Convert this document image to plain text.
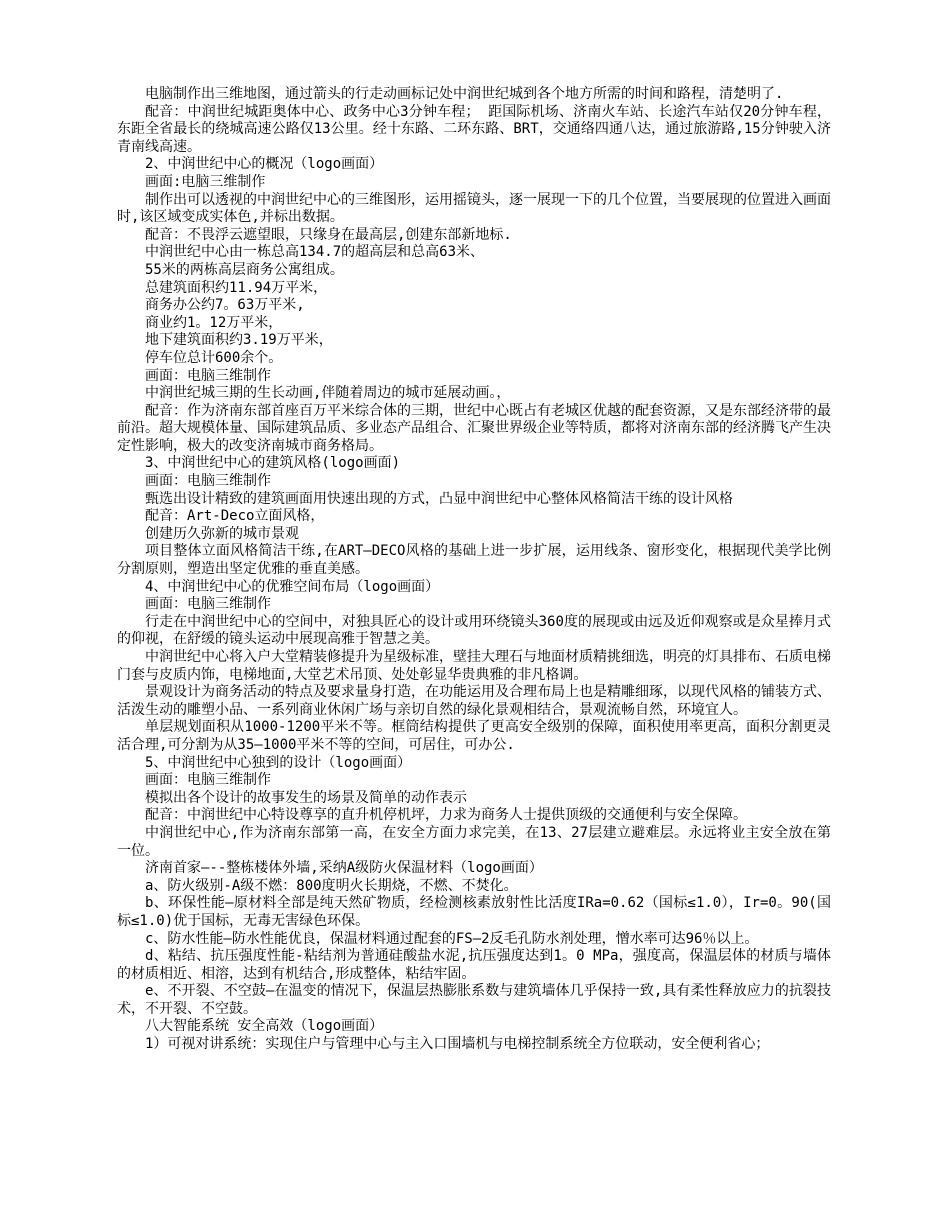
电脑制作出三维地图，通过箭头的行走动画标记处中润世纪城到各个地方所需的时间和路程，清楚明了.
配音：中润世纪城距奥体中心、政务中心3分钟车程； 距国际机场、济南火车站、长途汽车站仅20分钟车程，东距全省最长的绕城高速公路仅13公里。经十东路、二环东路、BRT，交通络四通八达，通过旅游路,15分钟驶入济青南线高速。
2、中润世纪中心的概况（logo画面）
画面:电脑三维制作
制作出可以透视的中润世纪中心的三维图形，运用摇镜头，逐一展现一下的几个位置，当要展现的位置进入画面时,该区域变成实体色,并标出数据。
配音：不畏浮云遮望眼，只缘身在最高层,创建东部新地标.
中润世纪中心由一栋总高134.7的超高层和总高63米、
55米的两栋高层商务公寓组成。
总建筑面积约11.94万平米，
商务办公约7。63万平米,
商业约1。12万平米，
地下建筑面积约3.19万平米，
停车位总计600余个。
画面：电脑三维制作
中润世纪城三期的生长动画,伴随着周边的城市延展动画。，
配音：作为济南东部首座百万平米综合体的三期，世纪中心既占有老城区优越的配套资源，又是东部经济带的最前沿。超大规模体量、国际建筑品质、多业态产品组合、汇聚世界级企业等特质，都将对济南东部的经济腾飞产生决定性影响，极大的改变济南城市商务格局。
3、中润世纪中心的建筑风格(logo画面)
画面：电脑三维制作
甄选出设计精致的建筑画面用快速出现的方式，凸显中润世纪中心整体风格简洁干练的设计风格
配音：Art-Deco立面风格，
创建历久弥新的城市景观
项目整体立面风格简洁干练,在ART—DECO风格的基础上进一步扩展，运用线条、窗形变化，根据现代美学比例分割原则，塑造出坚定优雅的垂直美感。
4、中润世纪中心的优雅空间布局（logo画面）
画面：电脑三维制作
行走在中润世纪中心的空间中，对独具匠心的设计或用环绕镜头360度的展现或由远及近仰观察或是众星捧月式的仰视，在舒缓的镜头运动中展现高雅于智慧之美。
中润世纪中心将入户大堂精装修提升为星级标准，壁挂大理石与地面材质精挑细选，明亮的灯具排布、石质电梯门套与皮质内饰，电梯地面,大堂艺术吊顶、处处彰显华贵典雅的非凡格调。
景观设计为商务活动的特点及要求量身打造，在功能运用及合理布局上也是精雕细琢，以现代风格的铺装方式、活泼生动的雕塑小品、一系列商业休闲广场与亲切自然的绿化景观相结合，景观流畅自然，环境宜人。
单层规划面积从1000-1200平米不等。框筒结构提供了更高安全级别的保障，面积使用率更高，面积分割更灵活合理,可分割为从35—1000平米不等的空间，可居住，可办公.
5、中润世纪中心独到的设计（logo画面）
画面：电脑三维制作
模拟出各个设计的故事发生的场景及简单的动作表示
配音：中润世纪中心特设尊享的直升机停机坪，力求为商务人士提供顶级的交通便利与安全保障。
中润世纪中心,作为济南东部第一高，在安全方面力求完美，在13、27层建立避难层。永远将业主安全放在第一位。
济南首家—--整栋楼体外墙,采纳A级防火保温材料（logo画面）
a、防火级别-A级不燃：800度明火长期烧，不燃、不焚化。
b、环保性能—原材料全部是纯天然矿物质，经检测核素放射性比活度IRa=0.62（国标≤1.0），Ir=0。90(国标≤1.0)优于国标，无毒无害绿色环保。
c、防水性能—防水性能优良，保温材料通过配套的FS—2反毛孔防水剂处理，憎水率可达96％以上。
d、粘结、抗压强度性能-粘结剂为普通硅酸盐水泥,抗压强度达到1。0 MPa，强度高，保温层体的材质与墙体的材质相近、相溶，达到有机结合,形成整体，粘结牢固。
e、不开裂、不空鼓—在温变的情况下，保温层热膨胀系数与建筑墙体几乎保持一致,具有柔性释放应力的抗裂技术，不开裂、不空鼓。
八大智能系统 安全高效（logo画面）
1）可视对讲系统：实现住户与管理中心与主入口围墙机与电梯控制系统全方位联动，安全便利省心；
